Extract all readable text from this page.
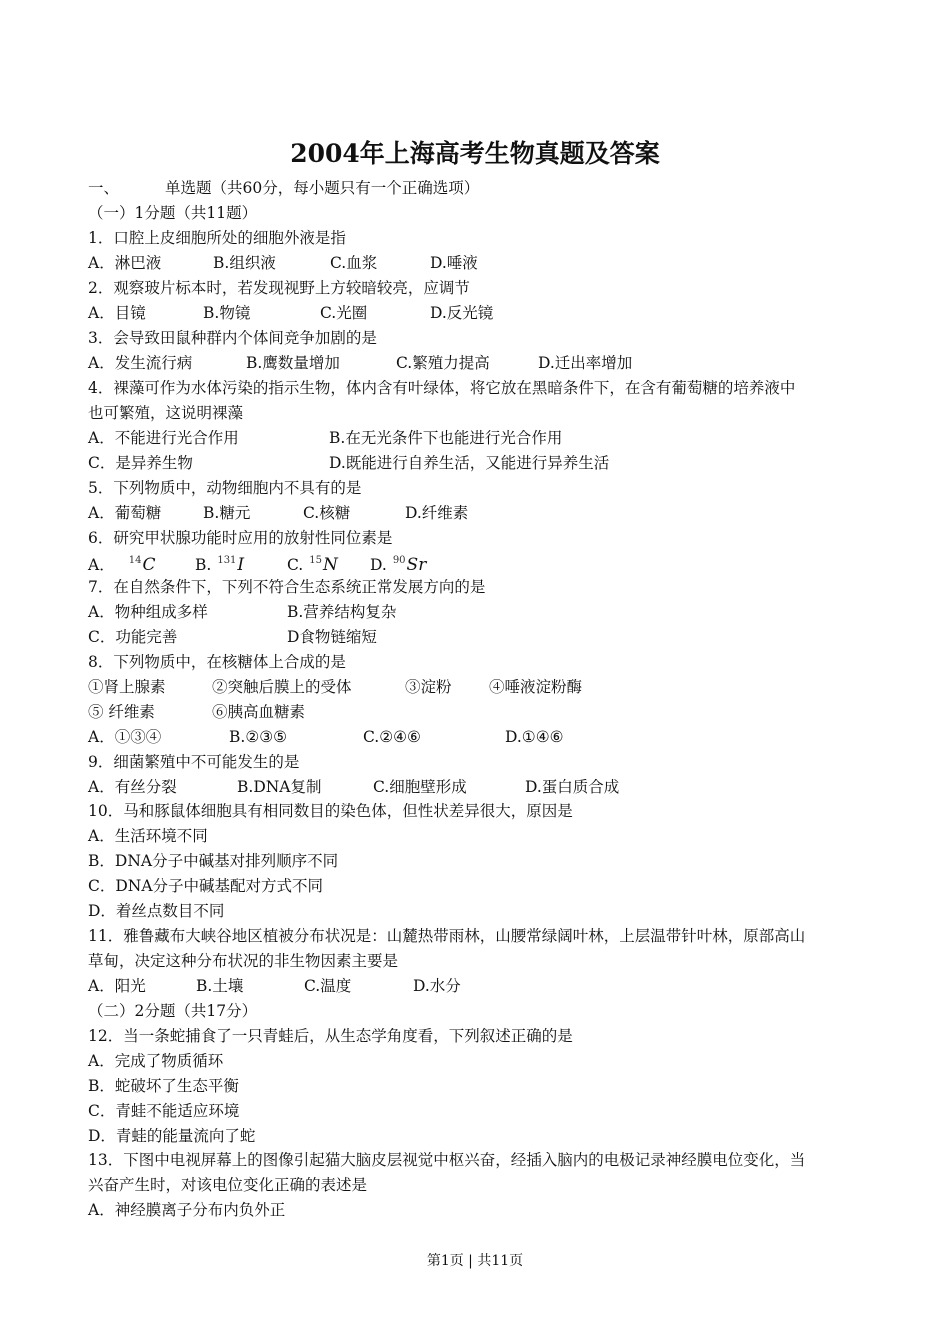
2004年上海高考生物真题及答案
一、	单选题（共60分，每小题只有一个正确选项）
（一）1分题（共11题）
1．口腔上皮细胞所处的细胞外液是指
A．淋巴液	B.组织液	C.血浆	D.唾液
2．观察玻片标本时，若发现视野上方较暗较亮，应调节
A．目镜	B.物镜	C.光圈	D.反光镜
3．会导致田鼠种群内个体间竞争加剧的是
A．发生流行病	B.鹰数量增加	C.繁殖力提高	D.迁出率增加
4．裸藻可作为水体污染的指示生物，体内含有叶绿体，将它放在黑暗条件下，在含有葡萄糖的培养液中
也可繁殖，这说明裸藻
A．不能进行光合作用	B.在无光条件下也能进行光合作用
C．是异养生物	D.既能进行自养生活，又能进行异养生活
5．下列物质中，动物细胞内不具有的是
A．葡萄糖	B.糖元	C.核糖	D.纤维素
6．研究甲状腺功能时应用的放射性同位素是
A． $^{14}$C	B. $^{131}$I	C. $^{15}$N D. $^{90}$Sr
7．在自然条件下，下列不符合生态系统正常发展方向的是
A．物种组成多样	B.营养结构复杂
C．功能完善	D食物链缩短
8．下列物质中，在核糖体上合成的是
①肾上腺素	②突触后膜上的受体	③淀粉 ④唾液淀粉酶
⑤ 纤维素	⑥胰高血糖素
A．①③④	B.②③⑤	C.②④⑥	D.①④⑥
9．细菌繁殖中不可能发生的是
A．有丝分裂	B.DNA复制	C.细胞壁形成	D.蛋白质合成
10．马和豚鼠体细胞具有相同数目的染色体，但性状差异很大，原因是
A．生活环境不同
B．DNA分子中碱基对排列顺序不同
C．DNA分子中碱基配对方式不同
D．着丝点数目不同
11．雅鲁藏布大峡谷地区植被分布状况是：山麓热带雨林，山腰常绿阔叶林，上层温带针叶林，原部高山
草甸，决定这种分布状况的非生物因素主要是
A．阳光	B.土壤	C.温度	D.水分
（二）2分题（共17分）
12．当一条蛇捕食了一只青蛙后，从生态学角度看，下列叙述正确的是
A．完成了物质循环
B．蛇破坏了生态平衡
C．青蛙不能适应环境
D．青蛙的能量流向了蛇
13．下图中电视屏幕上的图像引起猫大脑皮层视觉中枢兴奋，经插入脑内的电极记录神经膜电位变化，当
兴奋产生时，对该电位变化正确的表述是
A．神经膜离子分布内负外正
第1页 | 共11页
